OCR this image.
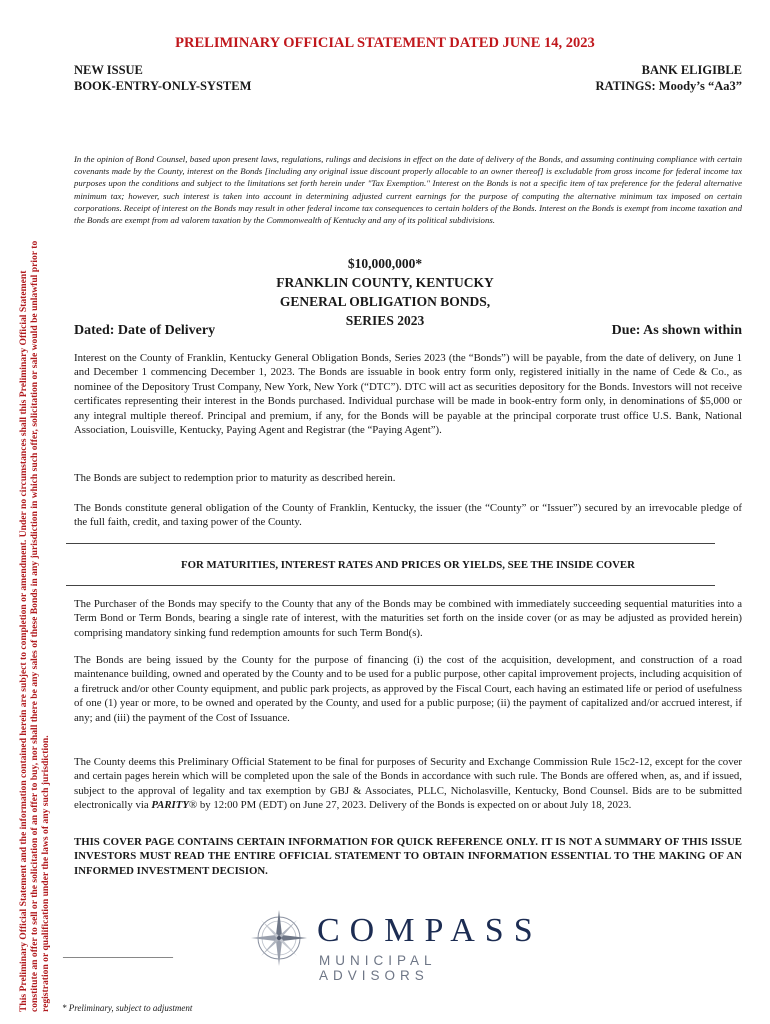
This Preliminary Official Statement and the information contained herein are subject to completion or amendment. Under no circumstances shall this Preliminary Official Statement constitute an offer to sell or the solicitation of an offer to buy, nor shall there be any sales of these Bonds in any jurisdiction in which such offer, solicitation or sale would be unlawful prior to registration or qualification under the laws of any such jurisdiction.
PRELIMINARY OFFICIAL STATEMENT DATED JUNE 14, 2023
NEW ISSUE
BOOK-ENTRY-ONLY-SYSTEM
BANK ELIGIBLE
RATINGS: Moody’s “Aa3”
In the opinion of Bond Counsel, based upon present laws, regulations, rulings and decisions in effect on the date of delivery of the Bonds, and assuming continuing compliance with certain covenants made by the County, interest on the Bonds [including any original issue discount properly allocable to an owner thereof] is excludable from gross income for federal income tax purposes upon the conditions and subject to the limitations set forth herein under "Tax Exemption." Interest on the Bonds is not a specific item of tax preference for the federal alternative minimum tax; however, such interest is taken into account in determining adjusted current earnings for the purpose of computing the alternative minimum tax imposed on certain corporations. Receipt of interest on the Bonds may result in other federal income tax consequences to certain holders of the Bonds. Interest on the Bonds is exempt from income taxation and the Bonds are exempt from ad valorem taxation by the Commonwealth of Kentucky and any of its political subdivisions.
$10,000,000*
FRANKLIN COUNTY, KENTUCKY
GENERAL OBLIGATION BONDS,
SERIES 2023
Dated: Date of Delivery	Due: As shown within
Interest on the County of Franklin, Kentucky General Obligation Bonds, Series 2023 (the “Bonds”) will be payable, from the date of delivery, on June 1 and December 1 commencing December 1, 2023. The Bonds are issuable in book entry form only, registered initially in the name of Cede & Co., as nominee of the Depository Trust Company, New York, New York (“DTC”). DTC will act as securities depository for the Bonds. Investors will not receive certificates representing their interest in the Bonds purchased. Individual purchase will be made in book-entry form only, in denominations of $5,000 or any integral multiple thereof. Principal and premium, if any, for the Bonds will be payable at the principal corporate trust office U.S. Bank, National Association, Louisville, Kentucky, Paying Agent and Registrar (the “Paying Agent”).
The Bonds are subject to redemption prior to maturity as described herein.
The Bonds constitute general obligation of the County of Franklin, Kentucky, the issuer (the “County” or “Issuer”) secured by an irrevocable pledge of the full faith, credit, and taxing power of the County.
FOR MATURITIES, INTEREST RATES AND PRICES OR YIELDS, SEE THE INSIDE COVER
The Purchaser of the Bonds may specify to the County that any of the Bonds may be combined with immediately succeeding sequential maturities into a Term Bond or Term Bonds, bearing a single rate of interest, with the maturities set forth on the inside cover (or as may be adjusted as provided herein) comprising mandatory sinking fund redemption amounts for such Term Bond(s).
The Bonds are being issued by the County for the purpose of financing (i) the cost of the acquisition, development, and construction of a road maintenance building, owned and operated by the County and to be used for a public purpose, other capital improvement projects, including acquisition of a firetruck and/or other County equipment, and public park projects, as approved by the Fiscal Court, each having an estimated life or period of usefulness of one (1) year or more, to be owned and operated by the County, and used for a public purpose; (ii) the payment of capitalized and/or accrued interest, if any; and (iii) the payment of the Cost of Issuance.
The County deems this Preliminary Official Statement to be final for purposes of Security and Exchange Commission Rule 15c2-12, except for the cover and certain pages herein which will be completed upon the sale of the Bonds in accordance with such rule. The Bonds are offered when, as, and if issued, subject to the approval of legality and tax exemption by GBJ & Associates, PLLC, Nicholasville, Kentucky, Bond Counsel. Bids are to be submitted electronically via PARITY® by 12:00 PM (EDT) on June 27, 2023. Delivery of the Bonds is expected on or about July 18, 2023.
THIS COVER PAGE CONTAINS CERTAIN INFORMATION FOR QUICK REFERENCE ONLY. IT IS NOT A SUMMARY OF THIS ISSUE INVESTORS MUST READ THE ENTIRE OFFICIAL STATEMENT TO OBTAIN INFORMATION ESSENTIAL TO THE MAKING OF AN INFORMED INVESTMENT DECISION.
COMPASS
MUNICIPAL ADVISORS
______________________
* Preliminary, subject to adjustment
